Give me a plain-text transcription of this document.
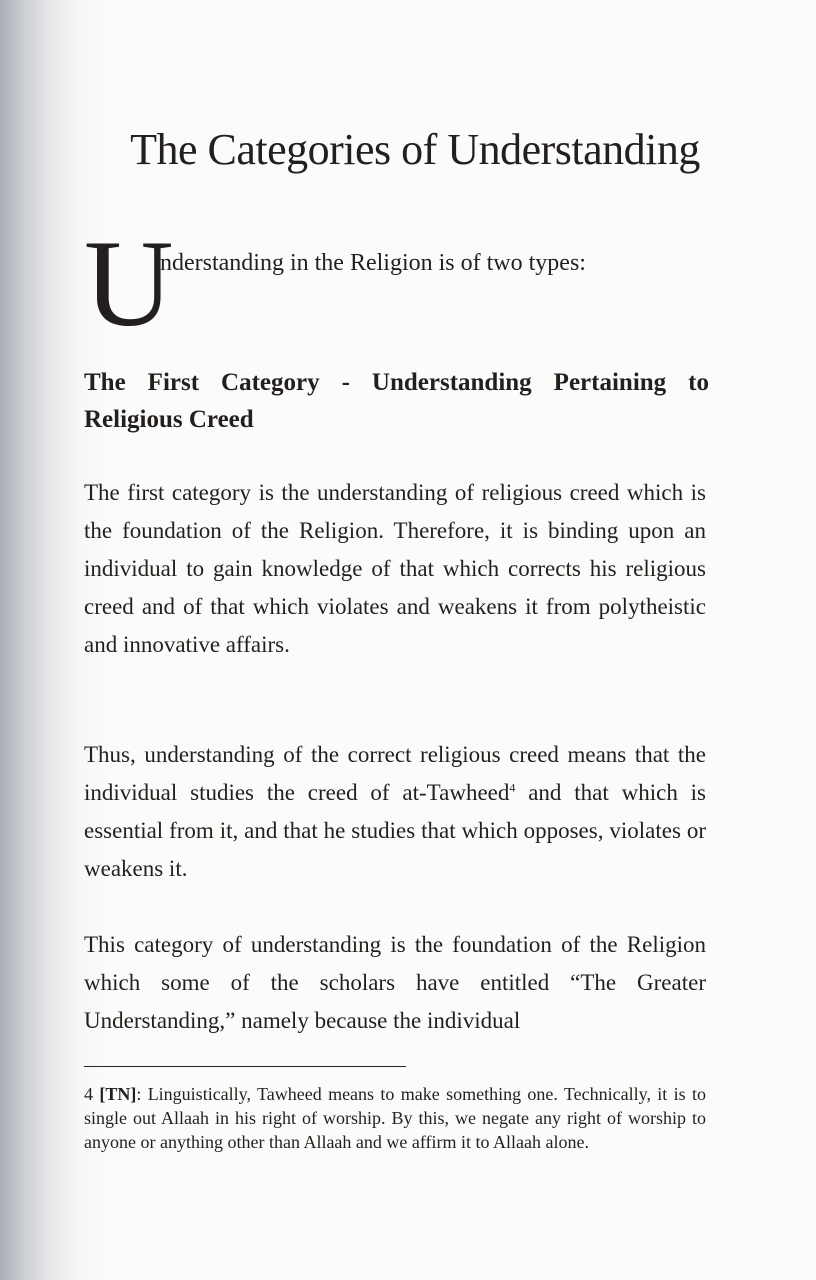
The Categories of Understanding
U
nderstanding in the Religion is of two types:
The First Category - Understanding Pertaining to Religious Creed

The first category is the understanding of religious creed which is the foundation of the Religion. Therefore, it is binding upon an individual to gain knowledge of that which corrects his religious creed and of that which violates and weakens it from polytheistic and innovative affairs.

Thus, understanding of the correct religious creed means that the individual studies the creed of at-Tawheed$^4$ and that which is essential from it, and that he studies that which opposes, violates or weakens it.

This category of understanding is the foundation of the Religion which some of the scholars have entitled “The Greater Understanding,” namely because the individual

4 [TN]: Linguistically, Tawheed means to make something one. Technically, it is to single out Allaah in his right of worship. By this, we negate any right of worship to anyone or anything other than Allaah and we affirm it to Allaah alone.
